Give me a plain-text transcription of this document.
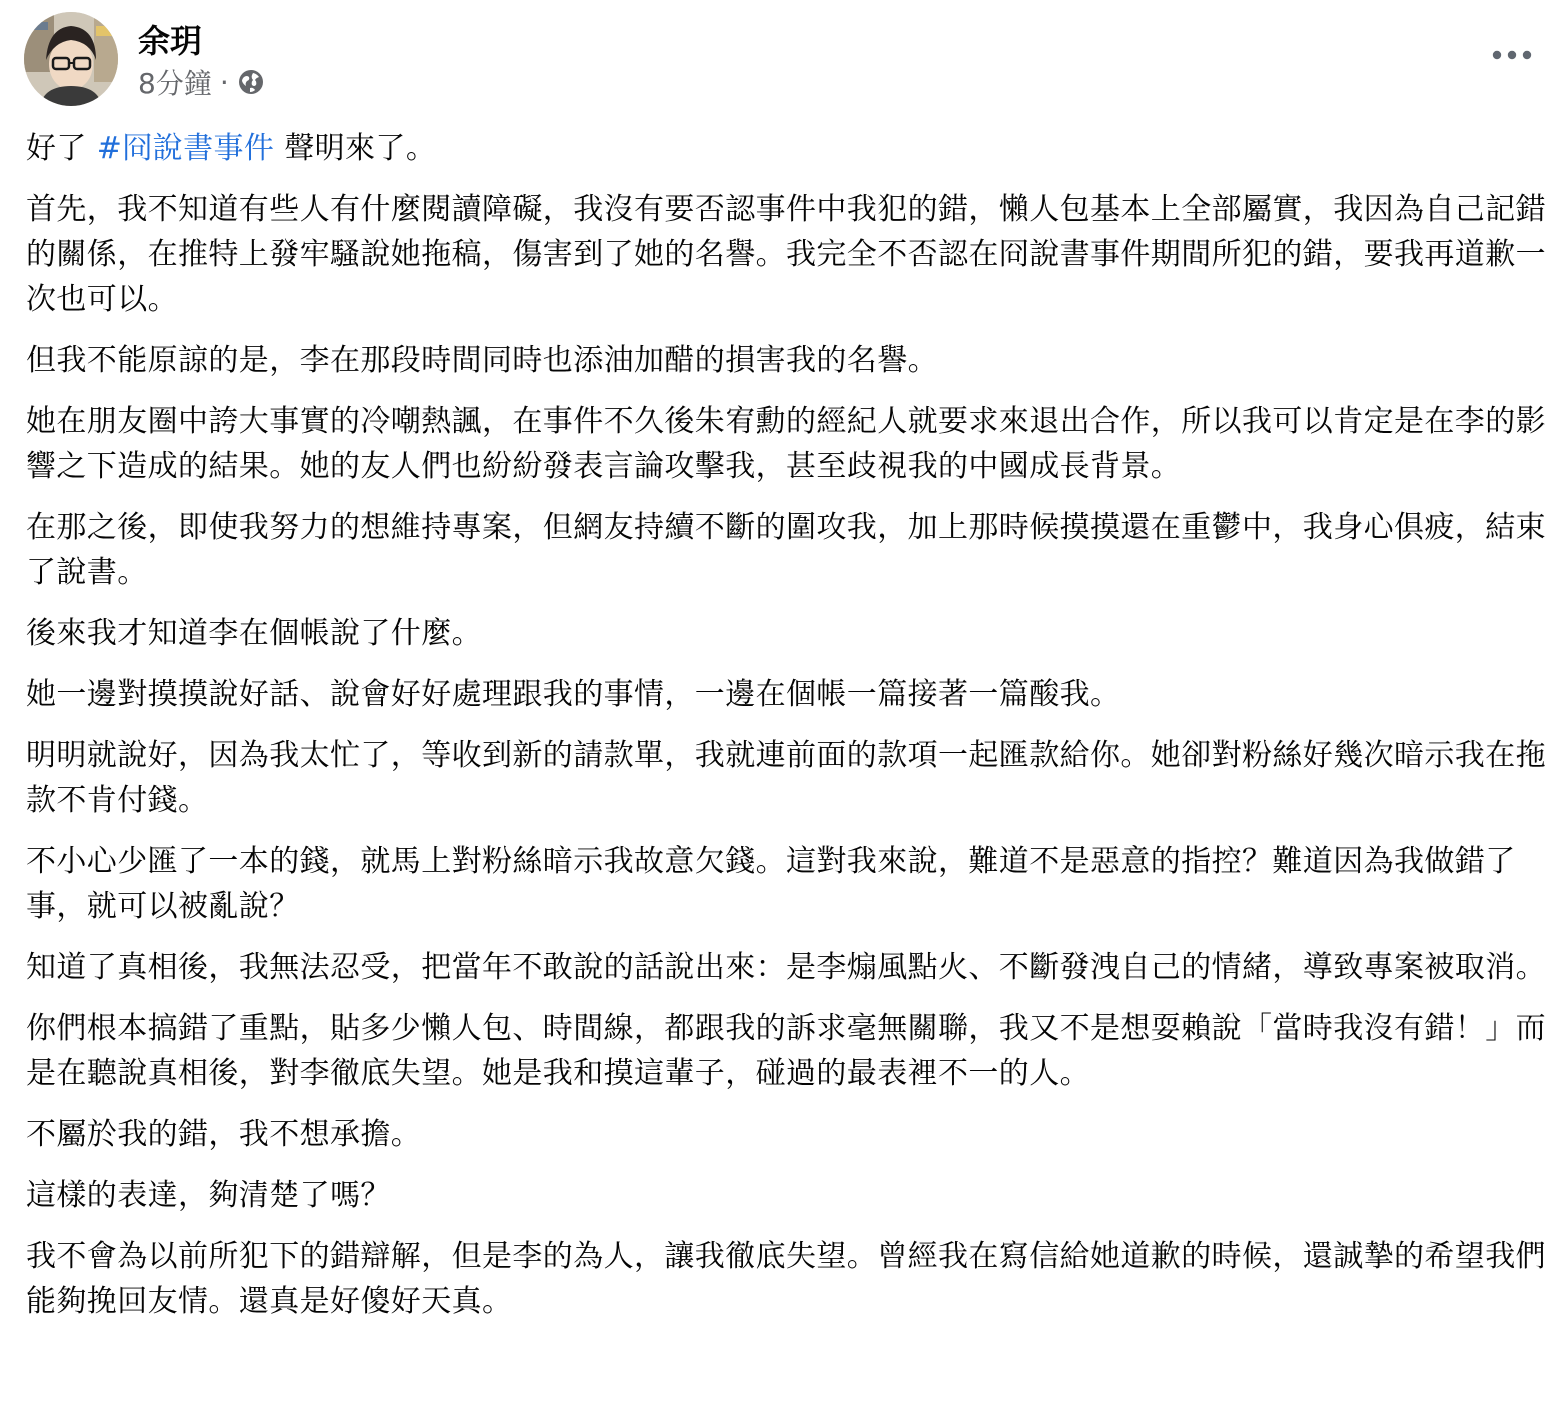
余玥
8分鐘 ·

好了 #冏說書事件 聲明來了。

首先，我不知道有些人有什麼閱讀障礙，我沒有要否認事件中我犯的錯，懶人包基本上全部屬實，我因為自己記錯的關係，在推特上發牢騷說她拖稿，傷害到了她的名譽。我完全不否認在冏說書事件期間所犯的錯，要我再道歉一次也可以。

但我不能原諒的是，李在那段時間同時也添油加醋的損害我的名譽。

她在朋友圈中誇大事實的冷嘲熱諷，在事件不久後朱宥勳的經紀人就要求來退出合作，所以我可以肯定是在李的影響之下造成的結果。她的友人們也紛紛發表言論攻擊我，甚至歧視我的中國成長背景。

在那之後，即使我努力的想維持專案，但網友持續不斷的圍攻我，加上那時候摸摸還在重鬱中，我身心俱疲，結束了說書。

後來我才知道李在個帳說了什麼。

她一邊對摸摸說好話、說會好好處理跟我的事情，一邊在個帳一篇接著一篇酸我。

明明就說好，因為我太忙了，等收到新的請款單，我就連前面的款項一起匯款給你。她卻對粉絲好幾次暗示我在拖款不肯付錢。

不小心少匯了一本的錢，就馬上對粉絲暗示我故意欠錢。這對我來說，難道不是惡意的指控？難道因為我做錯了事，就可以被亂說？

知道了真相後，我無法忍受，把當年不敢說的話說出來：是李煽風點火、不斷發洩自己的情緒，導致專案被取消。

你們根本搞錯了重點，貼多少懶人包、時間線，都跟我的訴求毫無關聯，我又不是想耍賴說「當時我沒有錯！」而是在聽說真相後，對李徹底失望。她是我和摸這輩子，碰過的最表裡不一的人。

不屬於我的錯，我不想承擔。

這樣的表達，夠清楚了嗎？

我不會為以前所犯下的錯辯解，但是李的為人，讓我徹底失望。曾經我在寫信給她道歉的時候，還誠摯的希望我們能夠挽回友情。還真是好傻好天真。
